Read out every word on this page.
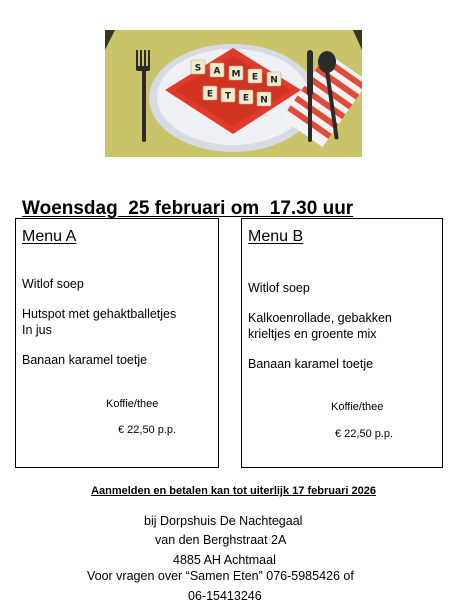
S A M E N
E T E N

Woensdag  25 februari om  17.30 uur

Menu A
Witlof soep
Hutspot met gehaktballetjes
In jus
Banaan karamel toetje
Koffie/thee
€ 22,50 p.p.
Menu B
Witlof soep
Kalkoenrollade, gebakken
krieltjes en groente mix
Banaan karamel toetje
Koffie/thee
€ 22,50 p.p.
Aanmelden en betalen kan tot uiterlijk 17 februari 2026
bij Dorpshuis De Nachtegaal
van den Berghstraat 2A
4885 AH Achtmaal
Voor vragen over “Samen Eten” 076-5985426 of
06-15413246
